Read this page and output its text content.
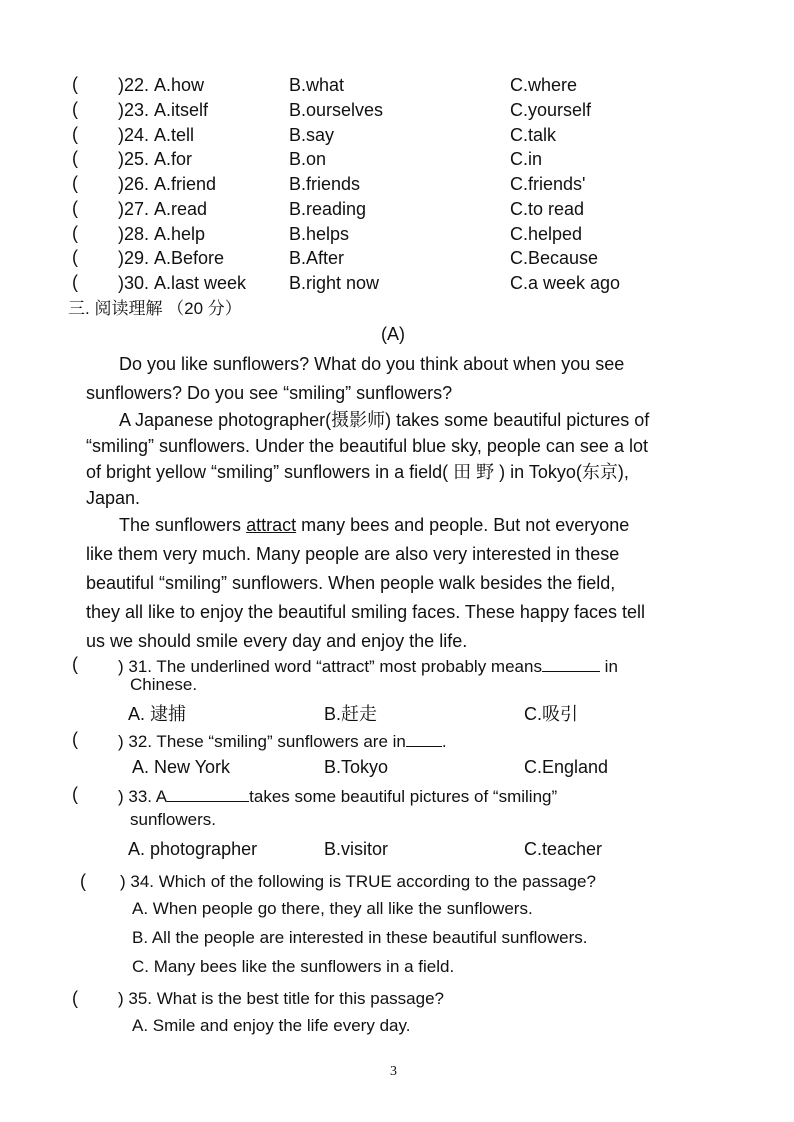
( )22. A.how	B.what	C.where
( )23. A.itself	B.ourselves	C.yourself
( )24. A.tell	B.say	C.talk
( )25. A.for	B.on	C.in
( )26. A.friend	B.friends	C.friends'
( )27. A.read	B.reading	C.to read
( )28. A.help	B.helps	C.helped
( )29. A.Before	B.After	C.Because
( )30. A.last week B.right now	C.a week ago
三. 阅读理解 （20 分）
(A)
Do you like sunflowers? What do you think about when you see
sunflowers? Do you see “smiling” sunflowers?
A Japanese photographer(摄影师) takes some beautiful pictures of
“smiling” sunflowers. Under the beautiful blue sky, people can see a lot
of bright yellow “smiling” sunflowers in a field( 田 野 ) in Tokyo(东京),
Japan.
The sunflowers attract many bees and people. But not everyone
like them very much. Many people are also very interested in these
beautiful “smiling” sunflowers. When people walk besides the field,
they all like to enjoy the beautiful smiling faces. These happy faces tell
us we should smile every day and enjoy the life.
( ) 31. The underlined word “attract” most probably means	in
Chinese.
A. 逮捕	B.赶走	C.吸引
( ) 32. These “smiling” sunflowers are in .
A. New York	B.Tokyo	C.England
( ) 33. A	takes some beautiful pictures of “smiling”
sunflowers.
A. photographer	B.visitor	C.teacher
( ) 34. Which of the following is TRUE according to the passage?
A. When people go there, they all like the sunflowers.
B. All the people are interested in these beautiful sunflowers.
C. Many bees like the sunflowers in a field.
( ) 35. What is the best title for this passage?
A. Smile and enjoy the life every day.
3
